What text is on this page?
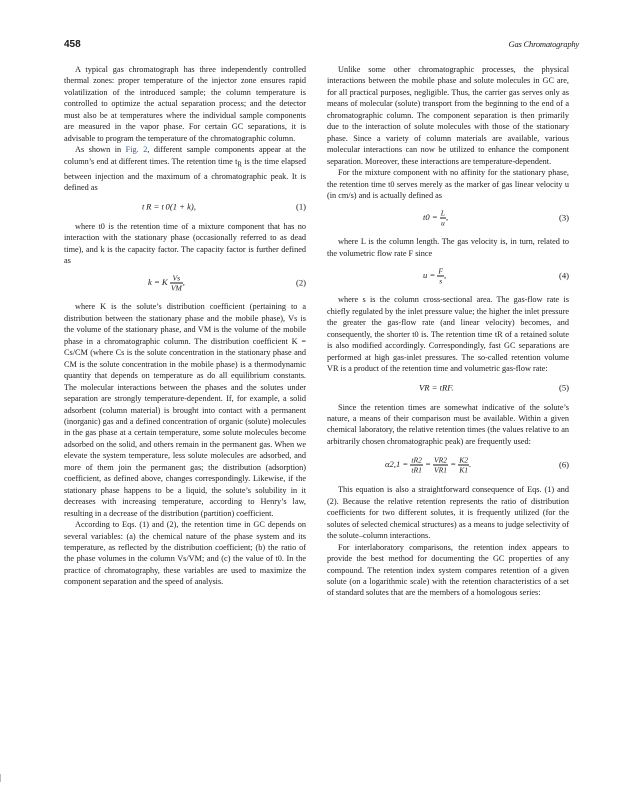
458	Gas Chromatography

A typical gas chromatograph has three independently controlled thermal zones: proper temperature of the injector zone ensures rapid volatilization of the introduced sample; the column temperature is controlled to optimize the actual separation process; and the detector must also be at temperatures where the individual sample components are measured in the vapor phase. For certain GC separations, it is advisable to program the temperature of the chromatographic column.

As shown in Fig. 2, different sample components appear at the column’s end at different times. The retention time $t_R$ is the time elapsed between injection and the maximum of a chromatographic peak. It is defined as

t R = t 0(1 + k),	(1)

where t0 is the retention time of a mixture component that has no interaction with the stationary phase (occasionally referred to as dead time), and k is the capacity factor. The capacity factor is further defined as

k = K $\frac{Vs}{VM}$ ,	(2)

where K is the solute’s distribution coefficient (pertaining to a distribution between the stationary phase and the mobile phase), Vs is the volume of the stationary phase, and VM is the volume of the mobile phase in a chromatographic column. The distribution coefficient K = Cs/CM (where Cs is the solute concentration in the stationary phase and CM is the solute concentration in the mobile phase) is a thermodynamic quantity that depends on temperature as do all equilibrium constants. The molecular interactions between the phases and the solutes under separation are strongly temperature-dependent. If, for example, a solid adsorbent (column material) is brought into contact with a permanent (inorganic) gas and a defined concentration of organic (solute) molecules in the gas phase at a certain temperature, some solute molecules become adsorbed on the solid, and others remain in the permanent gas. When we elevate the system temperature, less solute molecules are adsorbed, and more of them join the permanent gas; the distribution (adsorption) coefficient, as defined above, changes correspondingly. Likewise, if the stationary phase happens to be a liquid, the solute’s solubility in it decreases with increasing temperature, according to Henry’s law, resulting in a decrease of the distribution (partition) coefficient.

According to Eqs. (1) and (2), the retention time in GC depends on several variables: (a) the chemical nature of the phase system and its temperature, as reflected by the distribution coefficient; (b) the ratio of the phase volumes in the column Vs/VM; and (c) the value of t0. In the practice of chromatography, these variables are used to maximize the component separation and the speed of analysis.

Unlike some other chromatographic processes, the physical interactions between the mobile phase and solute molecules in GC are, for all practical purposes, negligible. Thus, the carrier gas serves only as means of molecular (solute) transport from the beginning to the end of a chromatographic column. The component separation is then primarily due to the interaction of solute molecules with those of the stationary phase. Since a variety of column materials are available, various molecular interactions can now be utilized to enhance the component separation. Moreover, these interactions are temperature-dependent.

For the mixture component with no affinity for the stationary phase, the retention time t0 serves merely as the marker of gas linear velocity u (in cm/s) and is actually defined as

$t0 = \frac{L}{u}$ ,	(3)

where L is the column length. The gas velocity is, in turn, related to the volumetric flow rate F since

$u = \frac{F}{s}$ ,	(4)

where s is the column cross-sectional area. The gas-flow rate is chiefly regulated by the inlet pressure value; the higher the inlet pressure the greater the gas-flow rate (and linear velocity) becomes, and consequently, the shorter t0 is. The retention time tR of a retained solute is also modified accordingly. Correspondingly, fast GC separations are performed at high gas-inlet pressures. The so-called retention volume VR is a product of the retention time and volumetric gas-flow rate:

VR = tRF.	(5)

Since the retention times are somewhat indicative of the solute’s nature, a means of their comparison must be available. Within a given chemical laboratory, the relative retention times (the values relative to an arbitrarily chosen chromatographic peak) are frequently used:

$\alpha 2,1 = \frac{tR2}{tR1} = \frac{VR2}{VR1} = \frac{K2}{K1}$ .	(6)

This equation is also a straightforward consequence of Eqs. (1) and (2). Because the relative retention represents the ratio of distribution coefficients for two different solutes, it is frequently utilized (for the solutes of selected chemical structures) as a means to judge selectivity of the solute–column interactions.

For interlaboratory comparisons, the retention index appears to provide the best method for documenting the GC properties of any compound. The retention index system compares retention of a given solute (on a logarithmic scale) with the retention characteristics of a set of standard solutes that are the members of a homologous series:
